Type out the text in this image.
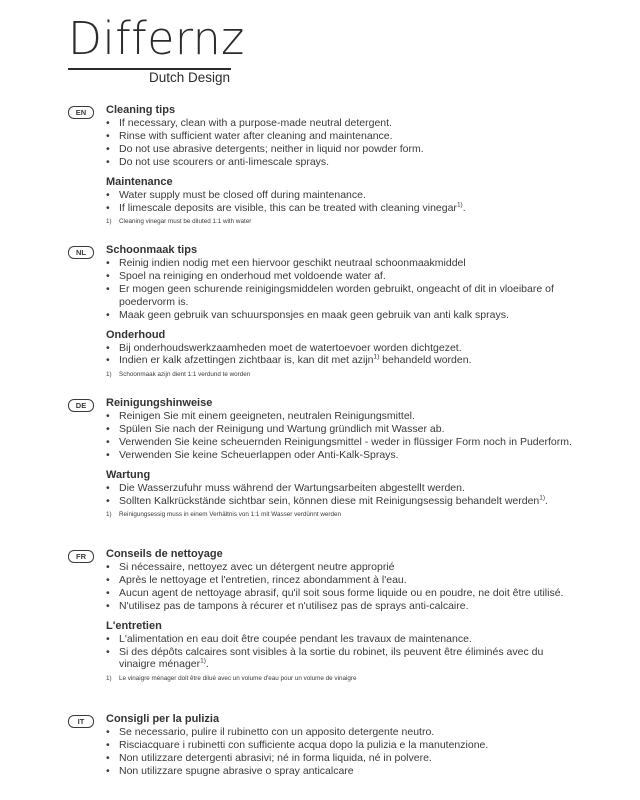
Differnz
Dutch Design
EN	Cleaning tips
• If necessary, clean with a purpose-made neutral detergent.
• Rinse with sufficient water after cleaning and maintenance.
• Do not use abrasive detergents; neither in liquid nor powder form.
• Do not use scourers or anti-limescale sprays.
Maintenance
• Water supply must be closed off during maintenance.
• If limescale deposits are visible, this can be treated with cleaning vinegar$^{1)}$.
1) Cleaning vinegar must be diluted 1:1 with water
NL	Schoonmaak tips
• Reinig indien nodig met een hiervoor geschikt neutraal schoonmaakmiddel
• Spoel na reiniging en onderhoud met voldoende water af.
• Er mogen geen schurende reinigingsmiddelen worden gebruikt, ongeacht of dit in vloeibare of poedervorm is.
• Maak geen gebruik van schuursponsjes en maak geen gebruik van anti kalk sprays.
Onderhoud
• Bij onderhoudswerkzaamheden moet de watertoevoer worden dichtgezet.
• Indien er kalk afzettingen zichtbaar is, kan dit met azijn$^{1)}$ behandeld worden.
1) Schoonmaak azijn dient 1:1 verdund te worden
DE	Reinigungshinweise
• Reinigen Sie mit einem geeigneten, neutralen Reinigungsmittel.
• Spülen Sie nach der Reinigung und Wartung gründlich mit Wasser ab.
• Verwenden Sie keine scheuernden Reinigungsmittel - weder in flüssiger Form noch in Puderform.
• Verwenden Sie keine Scheuerlappen oder Anti-Kalk-Sprays.
Wartung
• Die Wasserzufuhr muss während der Wartungsarbeiten abgestellt werden.
• Sollten Kalkrückstände sichtbar sein, können diese mit Reinigungsessig behandelt werden$^{1)}$.
1) Reinigungsessig muss in einem Verhältnis von 1:1 mit Wasser verdünnt werden
FR	Conseils de nettoyage
• Si nécessaire, nettoyez avec un détergent neutre approprié
• Après le nettoyage et l'entretien, rincez abondamment à l'eau.
• Aucun agent de nettoyage abrasif, qu'il soit sous forme liquide ou en poudre, ne doit être utilisé.
• N'utilisez pas de tampons à récurer et n'utilisez pas de sprays anti-calcaire.
L'entretien
• L'alimentation en eau doit être coupée pendant les travaux de maintenance.
• Si des dépôts calcaires sont visibles à la sortie du robinet, ils peuvent être éliminés avec du vinaigre ménager$^{1)}$.
1) Le vinaigre ménager doit être dilué avec un volume d'eau pour un volume de vinaigre
IT	Consigli per la pulizia
• Se necessario, pulire il rubinetto con un apposito detergente neutro.
• Risciacquare i rubinetti con sufficiente acqua dopo la pulizia e la manutenzione.
• Non utilizzare detergenti abrasivi; né in forma liquida, né in polvere.
• Non utilizzare spugne abrasive o spray anticalcare
